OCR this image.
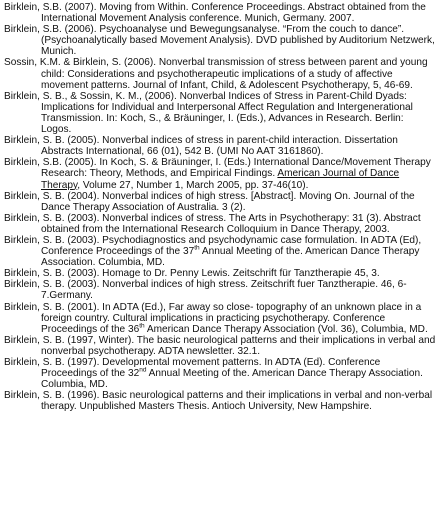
Birklein, S.B. (2007). Moving from Within. Conference Proceedings. Abstract obtained from the International Movement Analysis conference. Munich, Germany. 2007.

Birklein, S.B. (2006). Psychoanalyse und Bewegungsanalyse. “From the couch to dance”. (Psychoanalytically based Movement Analysis). DVD published by Auditorium Netzwerk, Munich.

Sossin, K.M. & Birklein, S. (2006). Nonverbal transmission of stress between parent and young child: Considerations and psychotherapeutic implications of a study of affective movement patterns. Journal of Infant, Child, & Adolescent Psychotherapy, 5, 46-69.

Birklein, S. B., & Sossin, K. M., (2006). Nonverbal Indices of Stress in Parent-Child Dyads: Implications for Individual and Interpersonal Affect Regulation and Intergenerational Transmission. In: Koch, S., & Bräuninger, I. (Eds.), Advances in Research. Berlin: Logos.

Birklein, S. B. (2005). Nonverbal indices of stress in parent-child interaction. Dissertation Abstracts International, 66 (01), 542 B. (UMI No AAT 3161860).

Birklein, S.B. (2005). In Koch, S. & Bräuninger, I. (Eds.) International Dance/Movement Therapy Research: Theory, Methods, and Empirical Findings. American Journal of Dance Therapy, Volume 27, Number 1, March 2005, pp. 37-46(10).

Birklein, S. B. (2004). Nonverbal indices of high stress. [Abstract]. Moving On. Journal of the Dance Therapy Association of Australia. 3 (2).

Birklein, S. B. (2003). Nonverbal indices of stress. The Arts in Psychotherapy: 31 (3). Abstract obtained from the International Research Colloquium in Dance Therapy, 2003.

Birklein, S. B. (2003). Psychodiagnostics and psychodynamic case formulation. In ADTA (Ed), Conference Proceedings of the 37th Annual Meeting of the. American Dance Therapy Association. Columbia, MD.

Birklein, S. B. (2003). Homage to Dr. Penny Lewis. Zeitschrift für Tanztherapie 45, 3.

Birklein, S. B. (2003). Nonverbal indices of high stress. Zeitschrift fuer Tanztherapie. 46, 6-7.Germany.

Birklein, S. B. (2001). In ADTA (Ed.), Far away so close- topography of an unknown place in a foreign country. Cultural implications in practicing psychotherapy. Conference Proceedings of the 36th American Dance Therapy Association (Vol. 36), Columbia, MD.

Birklein, S. B. (1997, Winter). The basic neurological patterns and their implications in verbal and nonverbal psychotherapy. ADTA newsletter. 32.1.

Birklein, S. B. (1997). Developmental movement patterns. In ADTA (Ed). Conference Proceedings of the 32nd Annual Meeting of the. American Dance Therapy Association. Columbia, MD.

Birklein, S. B. (1996). Basic neurological patterns and their implications in verbal and non-verbal therapy. Unpublished Masters Thesis. Antioch University, New Hampshire.
